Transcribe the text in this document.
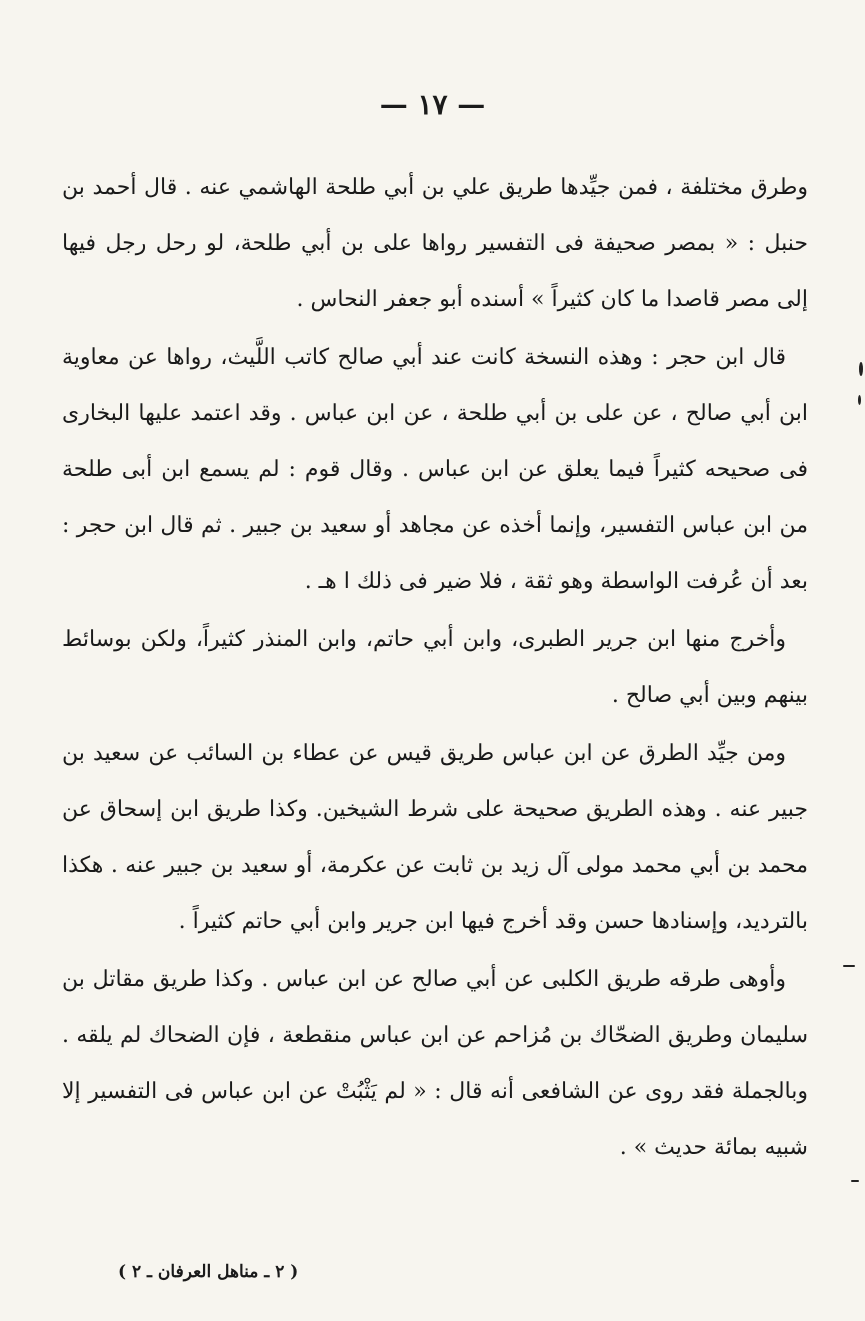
— ١٧ —

وطرق مختلفة ، فمن جيِّدها طريق علي بن أبي طلحة الهاشمي عنه . قال أحمد بن حنبل : « بمصر صحيفة فى التفسير رواها على بن أبي طلحة، لو رحل رجل فيها إلى مصر قاصدا ما كان كثيراً » أسنده أبو جعفر النحاس .

قال ابن حجر : وهذه النسخة كانت عند أبي صالح كاتب اللَّيث، رواها عن معاوية ابن أبي صالح ، عن على بن أبي طلحة ، عن ابن عباس . وقد اعتمد عليها البخارى فى صحيحه كثيراً فيما يعلق عن ابن عباس . وقال قوم : لم يسمع ابن أبى طلحة من ابن عباس التفسير، وإنما أخذه عن مجاهد أو سعيد بن جبير . ثم قال ابن حجر : بعد أن عُرفت الواسطة وهو ثقة ، فلا ضير فى ذلك ا هـ .

وأخرج منها ابن جرير الطبرى، وابن أبي حاتم، وابن المنذر كثيراً، ولكن بوسائط بينهم وبين أبي صالح .

ومن جيِّد الطرق عن ابن عباس طريق قيس عن عطاء بن السائب عن سعيد بن جبير عنه . وهذه الطريق صحيحة على شرط الشيخين. وكذا طريق ابن إسحاق عن محمد بن أبي محمد مولى آل زيد بن ثابت عن عكرمة، أو سعيد بن جبير عنه . هكذا بالترديد، وإسنادها حسن وقد أخرج فيها ابن جرير وابن أبي حاتم كثيراً .

وأوهى طرقه طريق الكلبى عن أبي صالح عن ابن عباس . وكذا طريق مقاتل بن سليمان وطريق الضحّاك بن مُزاحم عن ابن عباس منقطعة ، فإن الضحاك لم يلقه . وبالجملة فقد روى عن الشافعى أنه قال : « لم يَثْبُتْ عن ابن عباس فى التفسير إلا شبيه بمائة حديث » .

( ٢ ـ مناهل العرفان ـ ٢ )
